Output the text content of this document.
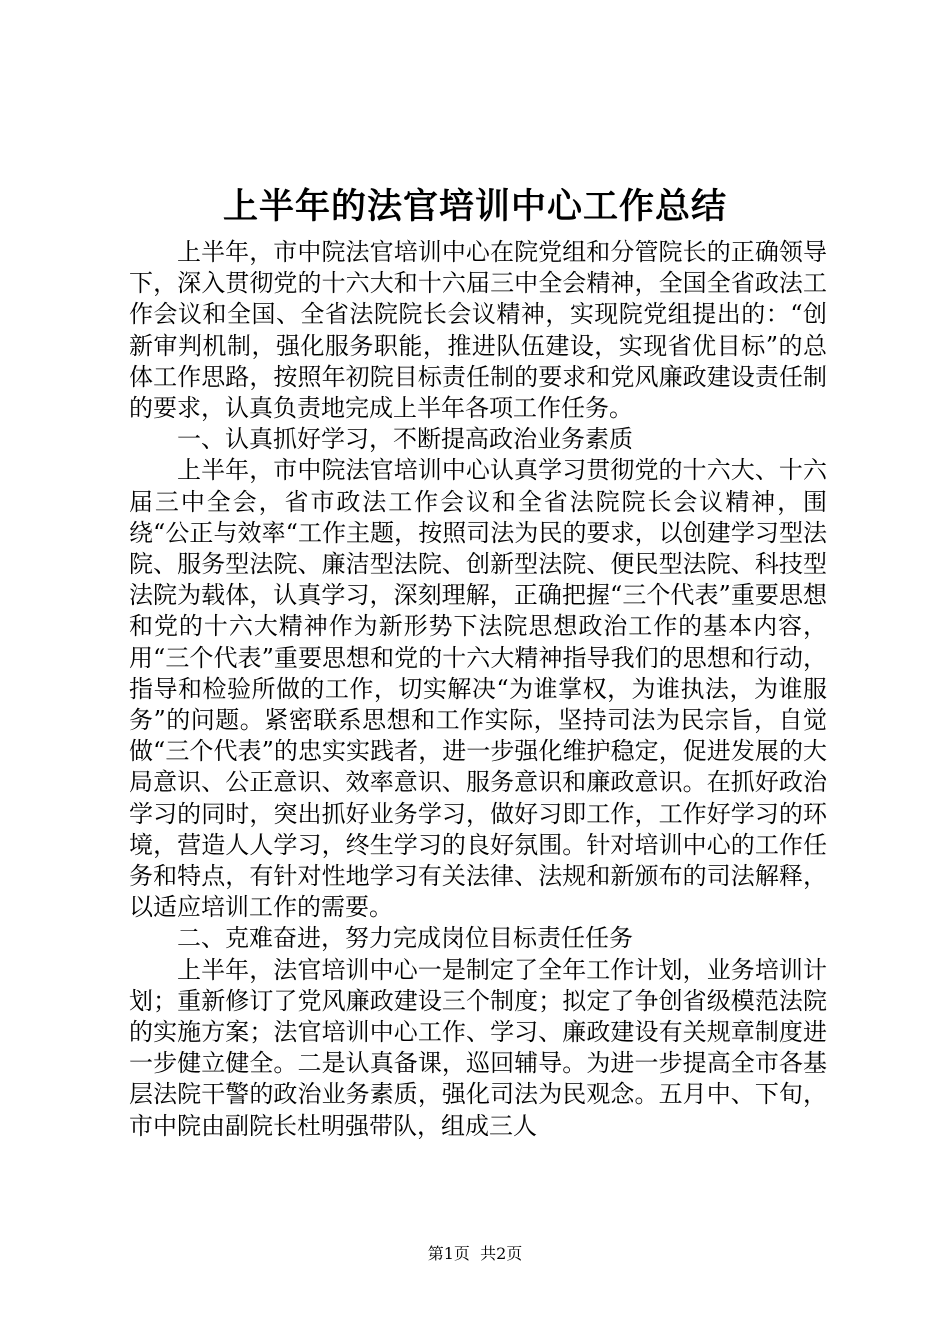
上半年的法官培训中心工作总结

上半年，市中院法官培训中心在院党组和分管院长的正确领导下，深入贯彻党的十六大和十六届三中全会精神，全国全省政法工作会议和全国、全省法院院长会议精神，实现院党组提出的：“创新审判机制，强化服务职能，推进队伍建设，实现省优目标”的总体工作思路，按照年初院目标责任制的要求和党风廉政建设责任制的要求，认真负责地完成上半年各项工作任务。

一、认真抓好学习，不断提高政治业务素质

上半年，市中院法官培训中心认真学习贯彻党的十六大、十六届三中全会，省市政法工作会议和全省法院院长会议精神，围绕“公正与效率“工作主题，按照司法为民的要求，以创建学习型法院、服务型法院、廉洁型法院、创新型法院、便民型法院、科技型法院为载体，认真学习，深刻理解，正确把握“三个代表”重要思想和党的十六大精神作为新形势下法院思想政治工作的基本内容，用“三个代表”重要思想和党的十六大精神指导我们的思想和行动，指导和检验所做的工作，切实解决“为谁掌权，为谁执法，为谁服务”的问题。紧密联系思想和工作实际，坚持司法为民宗旨，自觉做“三个代表”的忠实实践者，进一步强化维护稳定，促进发展的大局意识、公正意识、效率意识、服务意识和廉政意识。在抓好政治学习的同时，突出抓好业务学习，做好习即工作，工作好学习的环境，营造人人学习，终生学习的良好氛围。针对培训中心的工作任务和特点，有针对性地学习有关法律、法规和新颁布的司法解释，以适应培训工作的需要。

二、克难奋进，努力完成岗位目标责任任务

上半年，法官培训中心一是制定了全年工作计划，业务培训计划；重新修订了党风廉政建设三个制度；拟定了争创省级模范法院的实施方案；法官培训中心工作、学习、廉政建设有关规章制度进一步健立健全。二是认真备课，巡回辅导。为进一步提高全市各基层法院干警的政治业务素质，强化司法为民观念。五月中、下旬，市中院由副院长杜明强带队，组成三人

第1页 共2页
